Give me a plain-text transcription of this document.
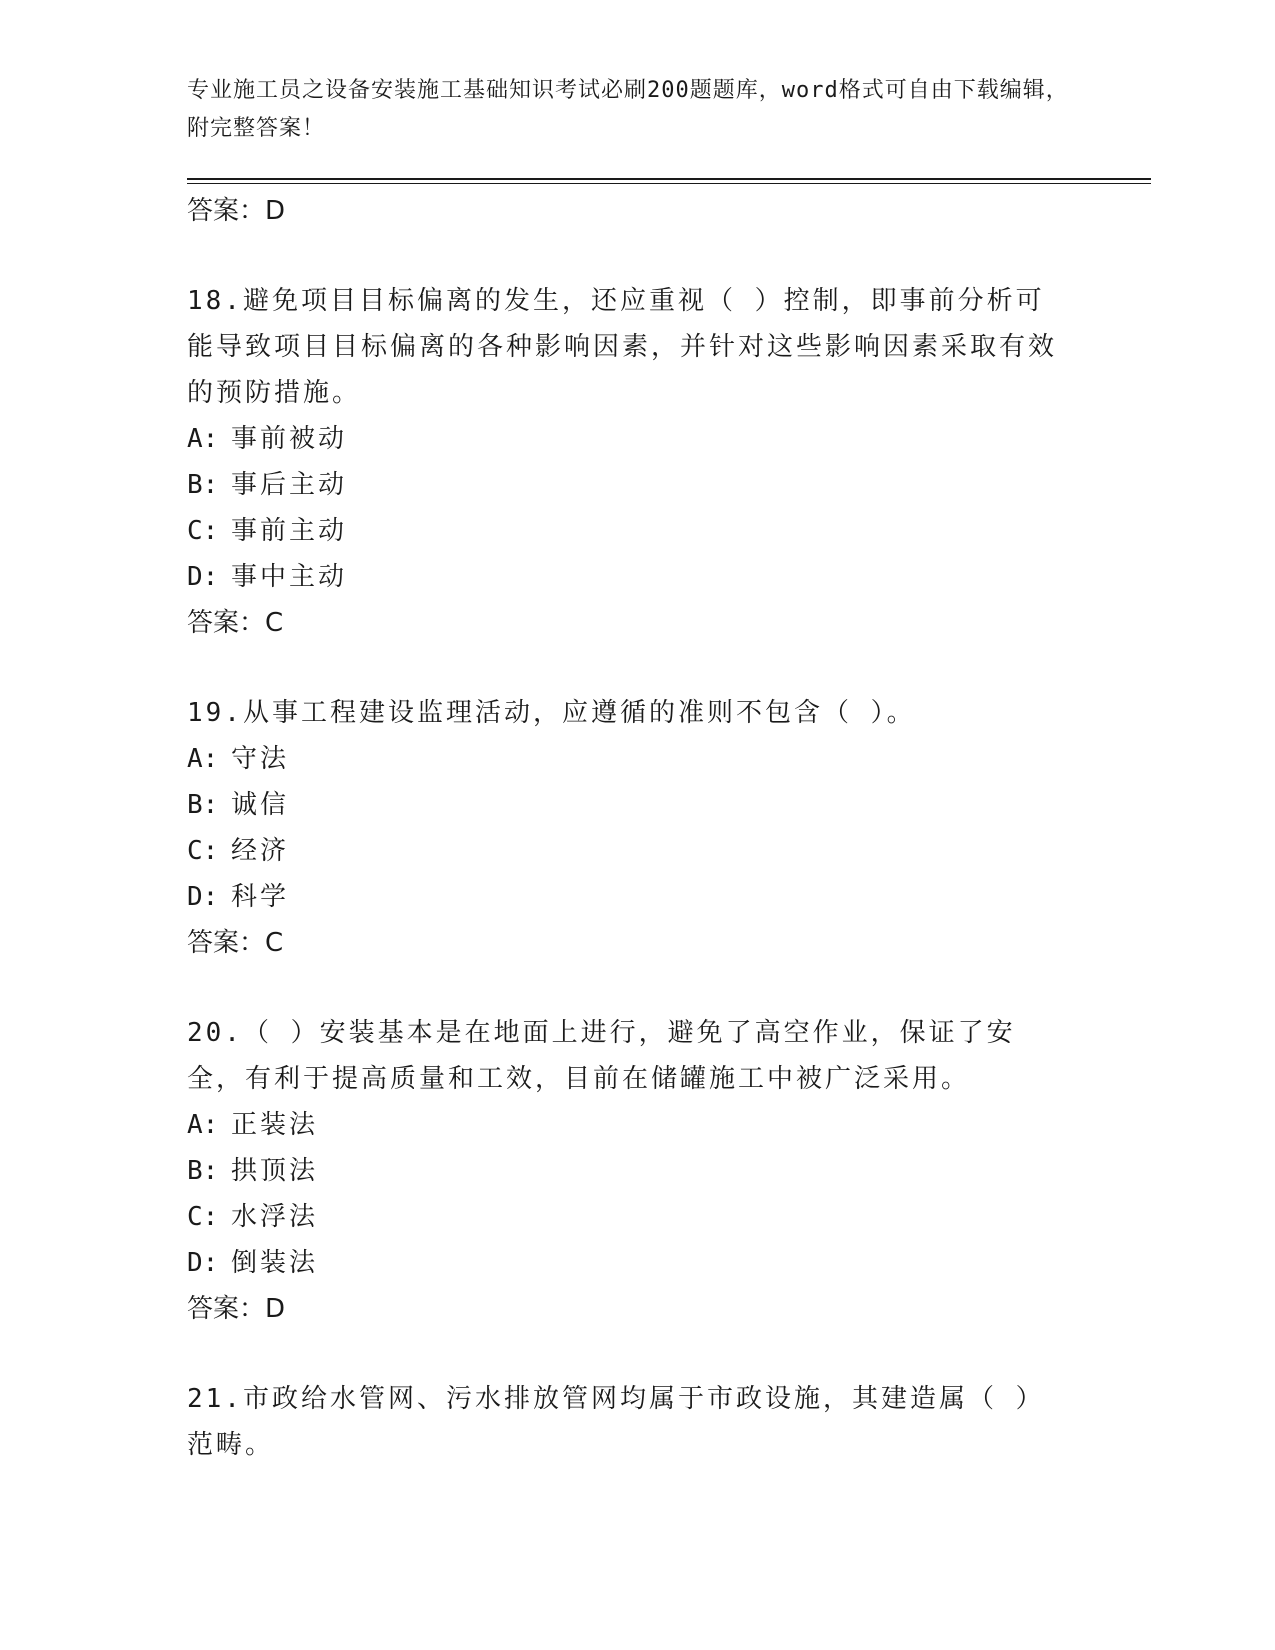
专业施工员之设备安装施工基础知识考试必刷200题题库，word格式可自由下载编辑，附完整答案！
答案：D
18.避免项目目标偏离的发生，还应重视（ ）控制，即事前分析可能导致项目目标偏离的各种影响因素，并针对这些影响因素采取有效的预防措施。
A: 事前被动
B: 事后主动
C: 事前主动
D: 事中主动
答案：C
19.从事工程建设监理活动，应遵循的准则不包含（ ）。
A: 守法
B: 诚信
C: 经济
D: 科学
答案：C
20.（ ）安装基本是在地面上进行，避免了高空作业，保证了安全，有利于提高质量和工效，目前在储罐施工中被广泛采用。
A: 正装法
B: 拱顶法
C: 水浮法
D: 倒装法
答案：D
21.市政给水管网、污水排放管网均属于市政设施，其建造属（ ）范畴。
